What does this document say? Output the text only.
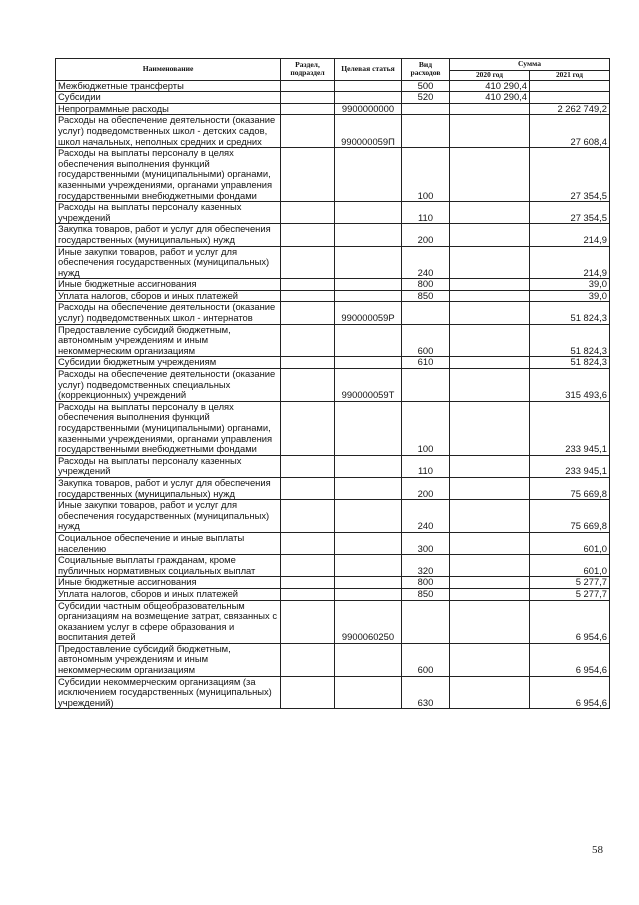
Наименование	Раздел, подраздел	Целевая статья	Вид расходов	Сумма	
				2020 год	2021 год
Межбюджетные трансферты			500	410 290,4	
Субсидии			520	410 290,4	
Непрограммные расходы		9900000000			2 262 749,2
Расходы на обеспечение деятельности (оказание услуг) подведомственных школ - детских садов, школ начальных, неполных средних и средних		990000059П			27 608,4
Расходы на выплаты персоналу в целях обеспечения выполнения функций государственными (муниципальными) органами, казенными учреждениями, органами управления государственными внебюджетными фондами			100		27 354,5
Расходы на выплаты персоналу казенных учреждений			110		27 354,5
Закупка товаров, работ и услуг для обеспечения государственных (муниципальных) нужд			200		214,9
Иные закупки товаров, работ и услуг для обеспечения государственных (муниципальных) нужд			240		214,9
Иные бюджетные ассигнования			800		39,0
Уплата налогов, сборов и иных платежей			850		39,0
Расходы на обеспечение деятельности (оказание услуг) подведомственных школ - интернатов		990000059Р			51 824,3
Предоставление субсидий бюджетным, автономным учреждениям и иным некоммерческим организациям			600		51 824,3
Субсидии бюджетным учреждениям			610		51 824,3
Расходы на обеспечение деятельности (оказание услуг) подведомственных специальных (коррекционных) учреждений		990000059Т			315 493,6
Расходы на выплаты персоналу в целях обеспечения выполнения функций государственными (муниципальными) органами, казенными учреждениями, органами управления государственными внебюджетными фондами			100		233 945,1
Расходы на выплаты персоналу казенных учреждений			110		233 945,1
Закупка товаров, работ и услуг для обеспечения государственных (муниципальных) нужд			200		75 669,8
Иные закупки товаров, работ и услуг для обеспечения государственных (муниципальных) нужд			240		75 669,8
Социальное обеспечение и иные выплаты населению			300		601,0
Социальные выплаты гражданам, кроме публичных нормативных социальных выплат			320		601,0
Иные бюджетные ассигнования			800		5 277,7
Уплата налогов, сборов и иных платежей			850		5 277,7
Субсидии частным общеобразовательным организациям на возмещение затрат, связанных с оказанием услуг в сфере образования и воспитания детей		9900060250			6 954,6
Предоставление субсидий бюджетным, автономным учреждениям и иным некоммерческим организациям			600		6 954,6
Субсидии некоммерческим организациям (за исключением государственных (муниципальных) учреждений)			630		6 954,6
58
